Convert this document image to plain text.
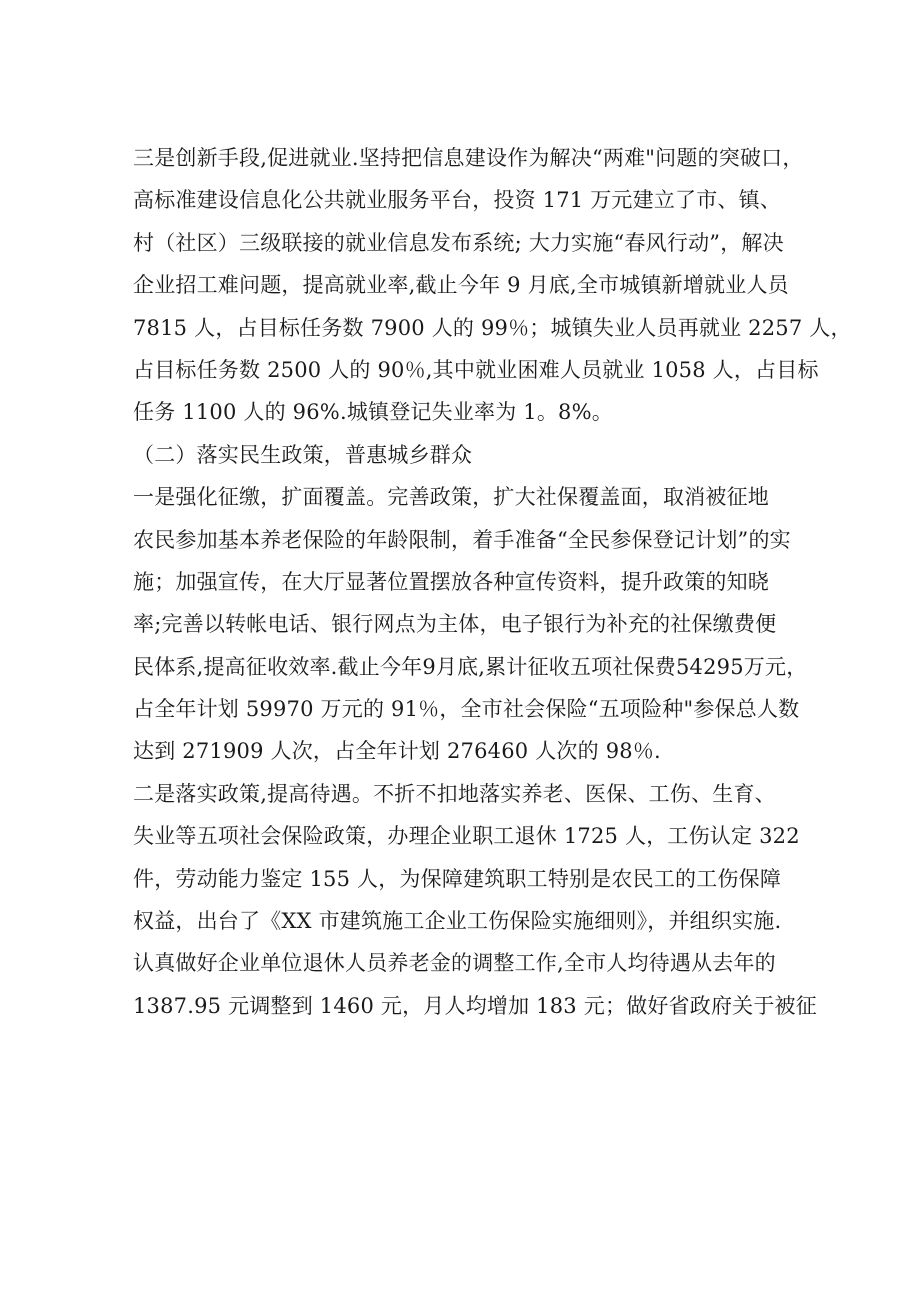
三是创新手段,促进就业.坚持把信息建设作为解决“两难"问题的突破口，
高标准建设信息化公共就业服务平台，投资 171 万元建立了市、镇、
村（社区）三级联接的就业信息发布系统; 大力实施“春风行动”，解决
企业招工难问题，提高就业率,截止今年 9 月底,全市城镇新增就业人员
7815 人，占目标任务数 7900 人的 99％；城镇失业人员再就业 2257 人，
占目标任务数 2500 人的 90％,其中就业困难人员就业 1058 人，占目标
任务 1100 人的 96%.城镇登记失业率为 1。8%。
（二）落实民生政策，普惠城乡群众
一是强化征缴，扩面覆盖。完善政策，扩大社保覆盖面，取消被征地
农民参加基本养老保险的年龄限制，着手准备“全民参保登记计划”的实
施；加强宣传，在大厅显著位置摆放各种宣传资料，提升政策的知晓
率;完善以转帐电话、银行网点为主体，电子银行为补充的社保缴费便
民体系,提高征收效率.截止今年9月底,累计征收五项社保费54295万元，
占全年计划 59970 万元的 91％，全市社会保险“五项险种"参保总人数
达到 271909 人次，占全年计划 276460 人次的 98％.
二是落实政策,提高待遇。不折不扣地落实养老、医保、工伤、生育、
失业等五项社会保险政策，办理企业职工退休 1725 人，工伤认定 322
件，劳动能力鉴定 155 人，为保障建筑职工特别是农民工的工伤保障
权益，出台了《XX 市建筑施工企业工伤保险实施细则》，并组织实施.
认真做好企业单位退休人员养老金的调整工作,全市人均待遇从去年的
1387.95 元调整到 1460 元，月人均增加 183 元；做好省政府关于被征
